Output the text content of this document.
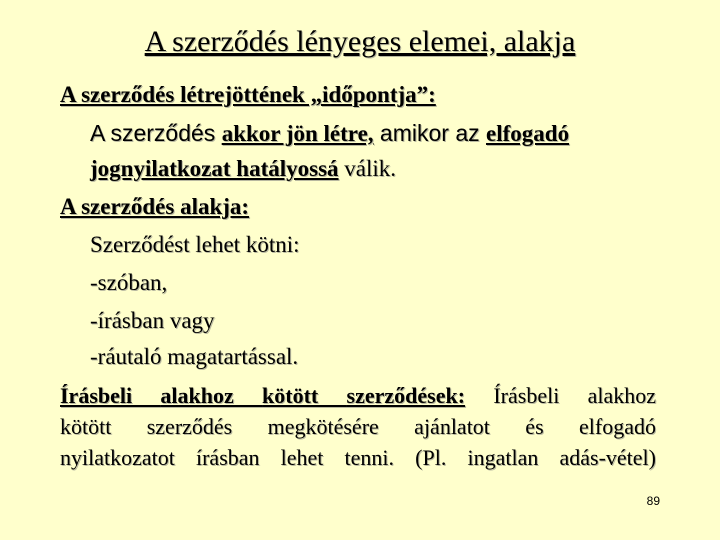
A szerződés lényeges elemei, alakja
A szerződés létrejöttének „időpontja”:
A szerződés akkor jön létre, amikor az elfogadó
jognyilatkozat hatályossá válik.
A szerződés alakja:
Szerződést lehet kötni:
-szóban,
-írásban vagy
-ráutaló magatartással.
Írásbeli alakhoz kötött szerződések: Írásbeli alakhoz
kötött szerződés megkötésére ajánlatot és elfogadó
nyilatkozatot írásban lehet tenni. (Pl. ingatlan adás-vétel)
89
